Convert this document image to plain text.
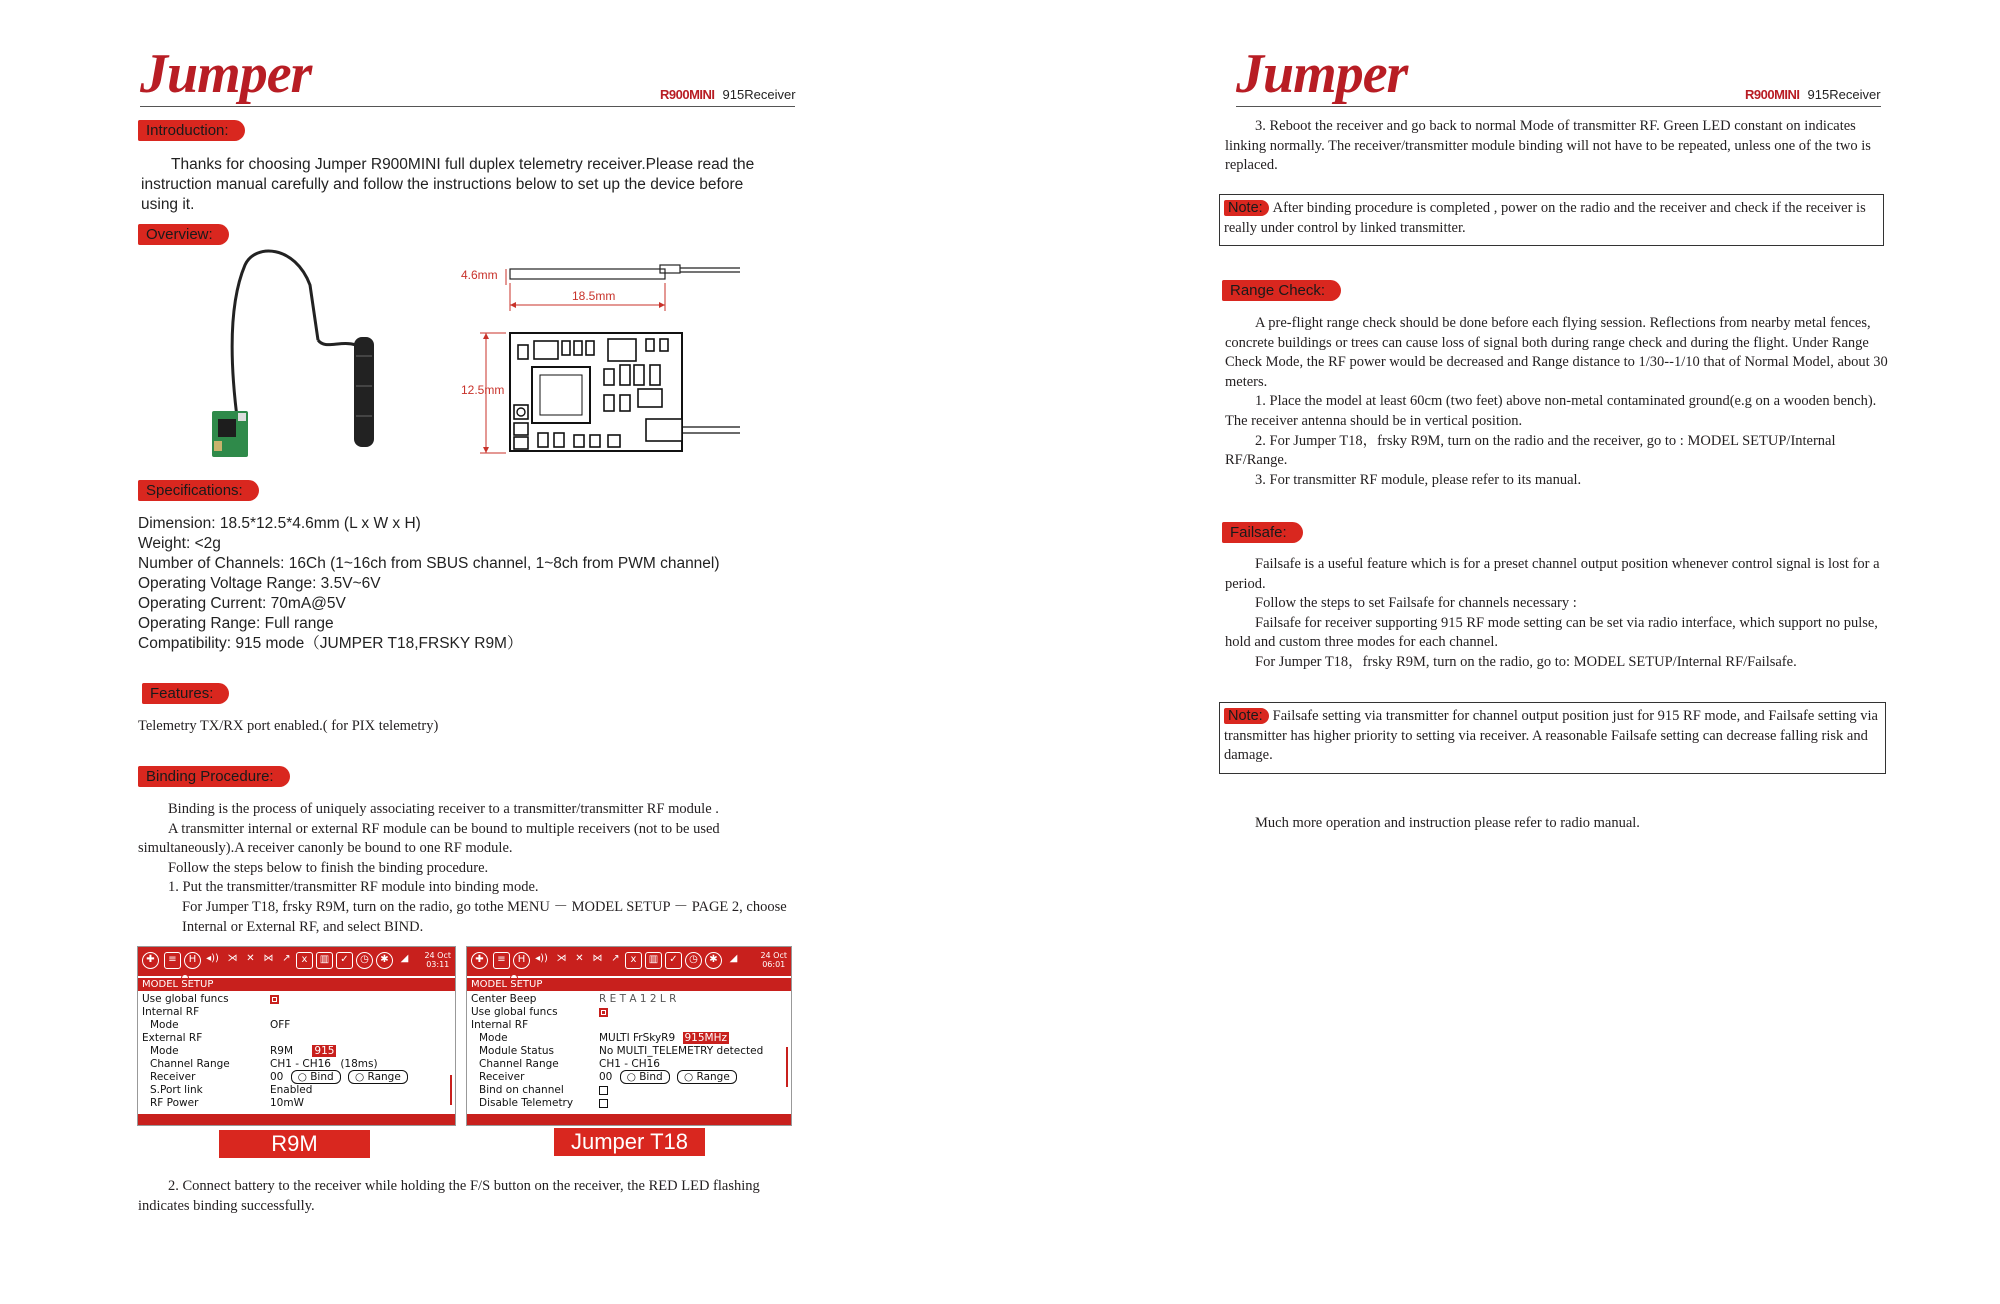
Jumper	R900MINI 915Receiver
Introduction:
Thanks for choosing Jumper R900MINI full duplex telemetry receiver.Please read the instruction manual carefully and follow the instructions below to set up the device before using it.
Overview:
4.6mm
18.5mm
12.5mm
Specifications:
Dimension: 18.5*12.5*4.6mm (L x W x H)
Weight: <2g
Number of Channels: 16Ch (1~16ch from SBUS channel, 1~8ch from PWM channel)
Operating Voltage Range: 3.5V~6V
Operating Current: 70mA@5V
Operating Range: Full range
Compatibility: 915 mode（JUMPER T18,FRSKY R9M）
Features:
Telemetry TX/RX port enabled.( for PIX telemetry)
Binding Procedure:

Binding is the process of uniquely associating receiver to a transmitter/transmitter RF module .

A transmitter internal or external RF module can be bound to multiple receivers (not to be used simultaneously).A receiver canonly be bound to one RF module.

Follow the steps below to finish the binding procedure.

1. Put the transmitter/transmitter RF module into binding mode.

For Jumper T18, frsky R9M, turn on the radio, go tothe MENU － MODEL SETUP － PAGE 2, choose Internal or External RF, and select BIND.

✚	≡	H ◂)) ⋊ ✕ ⋈ ↗	x	▥	✓	◷	✱	◢	24 Oct
03:11
MODEL SETUP
Use global funcs
Internal RF
Mode	OFF
External RF
Mode	R9M 915
Channel Range	CH1 - CH16 (18ms)
Receiver	00 ○ Bind ○ Range
S.Port link	Enabled
RF Power	10mW
R9M
✚	≡	H ◂)) ⋊ ✕ ⋈ ↗	x	▥	✓	◷	✱	◢	24 Oct
06:01
MODEL SETUP
Center Beep	R E T A 1 2 L R
Use global funcs
Internal RF
Mode	MULTI FrSkyR9 915MHz
Module Status	No MULTI_TELEMETRY detected
Channel Range	CH1 - CH16
Receiver	00 ○ Bind ○ Range
Bind on channel
Disable Telemetry
Jumper T18
2. Connect battery to the receiver while holding the F/S button on the receiver, the RED LED flashing indicates binding successfully.
Jumper	R900MINI 915Receiver
3. Reboot the receiver and go back to normal Mode of transmitter RF. Green LED constant on indicates linking normally. The receiver/transmitter module binding will not have to be repeated, unless one of the two is replaced.
Note: After binding procedure is completed , power on the radio and the receiver and check if the receiver is really under control by linked transmitter.
Range Check:

A pre-flight range check should be done before each flying session. Reflections from nearby metal fences, concrete buildings or trees can cause loss of signal both during range check and during the flight. Under Range Check Mode, the RF power would be decreased and Range distance to 1/30--1/10 that of Normal Model, about 30 meters.

1. Place the model at least 60cm (two feet) above non-metal contaminated ground(e.g on a wooden bench). The receiver antenna should be in vertical position.

2. For Jumper T18，frsky R9M, turn on the radio and the receiver, go to : MODEL SETUP/Internal RF/Range.

3. For transmitter RF module, please refer to its manual.

Failsafe:

Failsafe is a useful feature which is for a preset channel output position whenever control signal is lost for a period.

Follow the steps to set Failsafe for channels necessary :

Failsafe for receiver supporting 915 RF mode setting can be set via radio interface, which support no pulse, hold and custom three modes for each channel.

For Jumper T18，frsky R9M, turn on the radio, go to: MODEL SETUP/Internal RF/Failsafe.

Note: Failsafe setting via transmitter for channel output position just for 915 RF mode, and Failsafe setting via transmitter has higher priority to setting via receiver. A reasonable Failsafe setting can decrease falling risk and damage.
Much more operation and instruction please refer to radio manual.
